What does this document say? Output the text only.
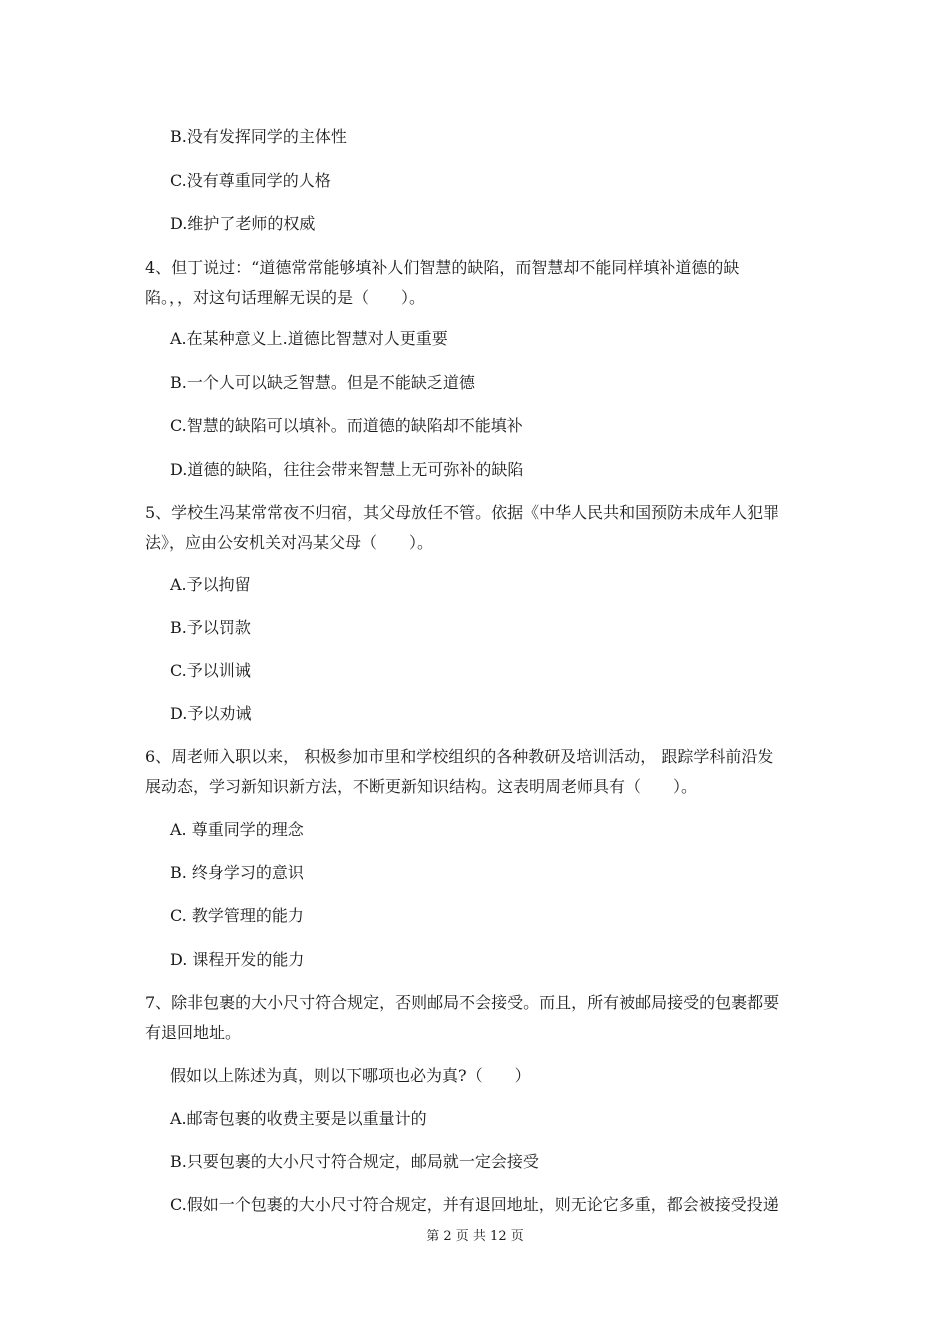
B.没有发挥同学的主体性
C.没有尊重同学的人格
D.维护了老师的权威
4、但丁说过：“道德常常能够填补人们智慧的缺陷，而智慧却不能同样填补道德的缺
陷。，，对这句话理解无误的是（　　）。
A.在某种意义上.道德比智慧对人更重要
B.一个人可以缺乏智慧。但是不能缺乏道德
C.智慧的缺陷可以填补。而道德的缺陷却不能填补
D.道德的缺陷，往往会带来智慧上无可弥补的缺陷
5、学校生冯某常常夜不归宿，其父母放任不管。依据《中华人民共和国预防未成年人犯罪
法》，应由公安机关对冯某父母（　　）。
A.予以拘留
B.予以罚款
C.予以训诫
D.予以劝诫
6、周老师入职以来， 积极参加市里和学校组织的各种教研及培训活动， 跟踪学科前沿发
展动态，学习新知识新方法，不断更新知识结构。这表明周老师具有（　　）。
A. 尊重同学的理念
B. 终身学习的意识
C. 教学管理的能力
D. 课程开发的能力
7、除非包裹的大小尺寸符合规定，否则邮局不会接受。而且，所有被邮局接受的包裹都要
有退回地址。
假如以上陈述为真，则以下哪项也必为真?（　　）
A.邮寄包裹的收费主要是以重量计的
B.只要包裹的大小尺寸符合规定，邮局就一定会接受
C.假如一个包裹的大小尺寸符合规定，并有退回地址，则无论它多重，都会被接受投递
第 2 页 共 12 页
